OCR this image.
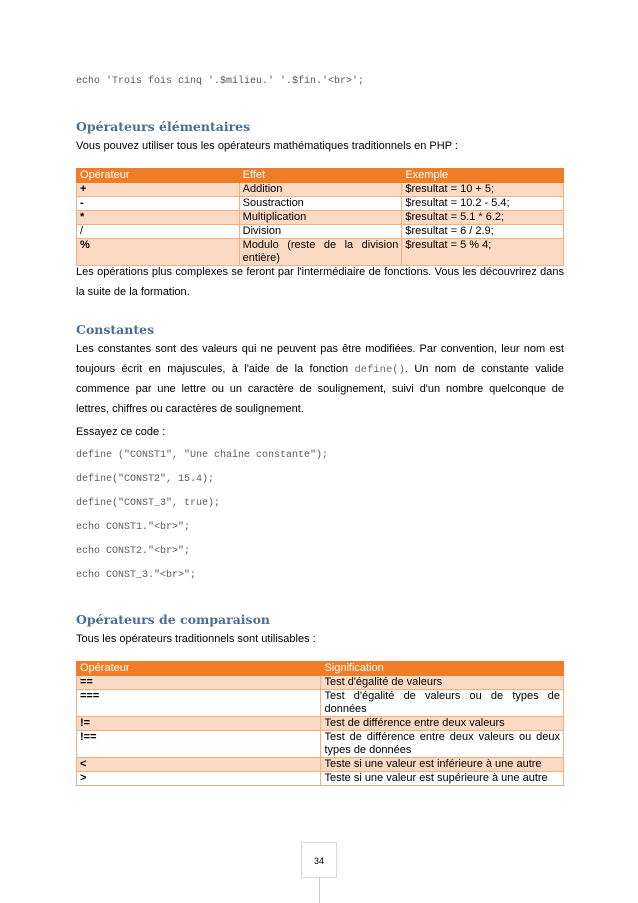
echo 'Trois fois cinq '.$milieu.' '.$fin.'<br>';
Opérateurs élémentaires
Vous pouvez utiliser tous les opérateurs mathématiques traditionnels en PHP :
Opérateur	Effet	Exemple
+	Addition	$resultat = 10 + 5;
-	Soustraction	$resultat = 10.2 - 5.4;
*	Multiplication	$resultat = 5.1 * 6.2;
/	Division	$resultat = 6 / 2.9;
%	Modulo (reste de la division entière)	$resultat = 5 % 4;
Les opérations plus complexes se feront par l'intermédiaire de fonctions. Vous les découvrirez dans la suite de la formation.
Constantes
Les constantes sont des valeurs qui ne peuvent pas être modifiées. Par convention, leur nom est toujours écrit en majuscules, à l'aide de la fonction define(). Un nom de constante valide commence par une lettre ou un caractère de soulignement, suivi d'un nombre quelconque de lettres, chiffres ou caractères de soulignement.
Essayez ce code :
define ("CONST1", "Une chaîne constante");
define("CONST2", 15.4);
define("CONST_3", true);
echo CONST1."<br>";
echo CONST2."<br>";
echo CONST_3."<br>";
Opérateurs de comparaison
Tous les opérateurs traditionnels sont utilisables :
Opérateur	Signification
==	Test d'égalité de valeurs
===	Test d'égalité de valeurs ou de types de données
!=	Test de différence entre deux valeurs
!==	Test de différence entre deux valeurs ou deux types de données
<	Teste si une valeur est inférieure à une autre
>	Teste si une valeur est supérieure à une autre
34
